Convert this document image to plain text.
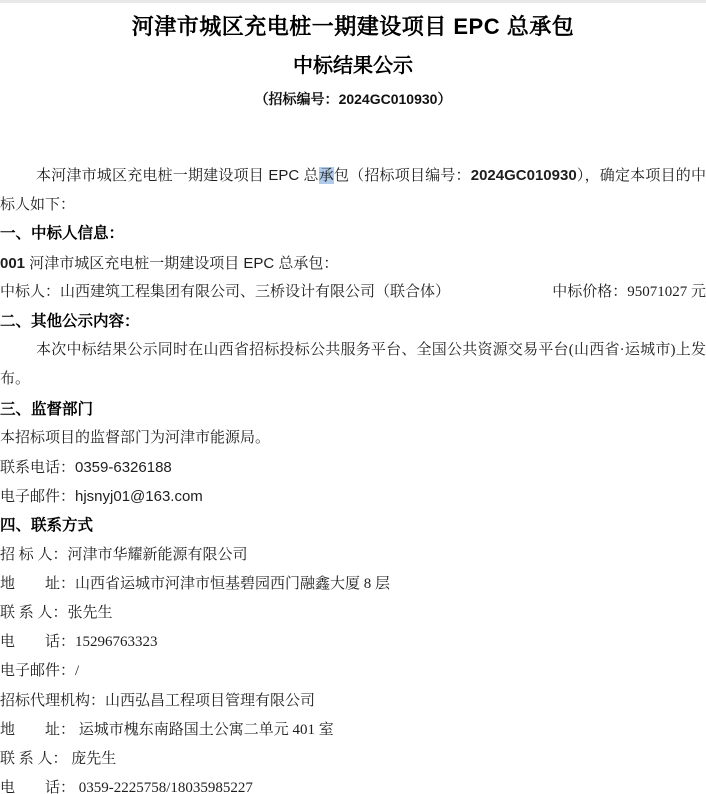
河津市城区充电桩一期建设项目 EPC 总承包
中标结果公示

（招标编号：2024GC010930）

本河津市城区充电桩一期建设项目 EPC 总承包（招标项目编号：2024GC010930），确定本项目的中标人如下：

一、中标人信息：
001 河津市城区充电桩一期建设项目 EPC 总承包：
中标人：山西建筑工程集团有限公司、三桥设计有限公司（联合体）	中标价格：95071027 元
二、其他公示内容：

本次中标结果公示同时在山西省招标投标公共服务平台、全国公共资源交易平台(山西省·运城市)上发布。

三、监督部门
本招标项目的监督部门为河津市能源局。
联系电话：0359-6326188
电子邮件：hjsnyj01@163.com
四、联系方式
招 标 人：河津市华耀新能源有限公司
地　　址：山西省运城市河津市恒基碧园西门融鑫大厦 8 层
联 系 人：张先生
电　　话：15296763323
电子邮件：/
招标代理机构：山西弘昌工程项目管理有限公司
地　　址： 运城市槐东南路国土公寓二单元 401 室
联 系 人： 庞先生
电　　话： 0359-2225758/18035985227
